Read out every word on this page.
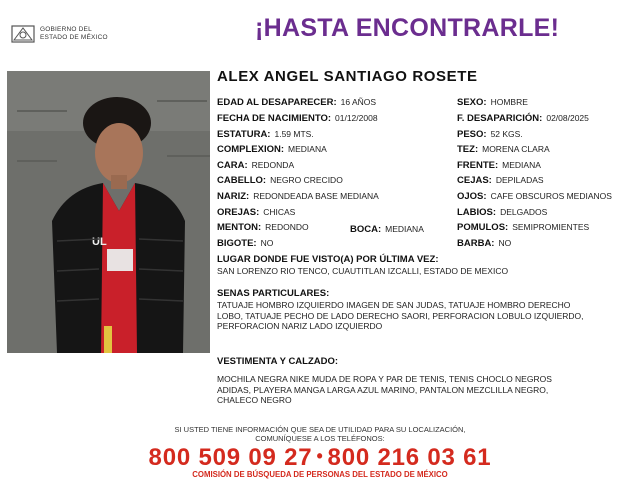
GOBIERNO DEL
ESTADO DE MÉXICO	¡HASTA ENCONTRARLE!
UL
ALEX ANGEL SANTIAGO ROSETE
EDAD AL DESAPARECER: 16 AÑOS
FECHA DE NACIMIENTO: 01/12/2008
ESTATURA: 1.59 MTS.
COMPLEXION: MEDIANA
CARA: REDONDA
CABELLO: NEGRO CRECIDO
NARIZ: REDONDEADA BASE MEDIANA
OREJAS: CHICAS
MENTON: REDONDO	BOCA: MEDIANA
BIGOTE: NO
SEXO: HOMBRE
F. DESAPARICIÓN: 02/08/2025
PESO: 52 KGS.
TEZ: MORENA CLARA
FRENTE: MEDIANA
CEJAS: DEPILADAS
OJOS: CAFE OBSCUROS MEDIANOS
LABIOS: DELGADOS
POMULOS: SEMIPROMIENTES
BARBA: NO
LUGAR DONDE FUE VISTO(A) POR ÚLTIMA VEZ:
SAN LORENZO RIO TENCO, CUAUTITLAN IZCALLI, ESTADO DE MEXICO
SENAS PARTICULARES:
TATUAJE HOMBRO IZQUIERDO IMAGEN DE SAN JUDAS, TATUAJE HOMBRO DERECHO
LOBO, TATUAJE PECHO DE LADO DERECHO SAORI, PERFORACION LOBULO IZQUIERDO,
PERFORACION NARIZ LADO IZQUIERDO
VESTIMENTA Y CALZADO:
MOCHILA NEGRA NIKE MUDA DE ROPA Y PAR DE TENIS, TENIS CHOCLO NEGROS
ADIDAS, PLAYERA MANGA LARGA AZUL MARINO, PANTALON MEZCLILLA NEGRO,
CHALECO NEGRO
SI USTED TIENE INFORMACIÓN QUE SEA DE UTILIDAD PARA SU LOCALIZACIÓN,
COMUNÍQUESE A LOS TELÉFONOS:
800 509 09 27 • 800 216 03 61
COMISIÓN DE BÚSQUEDA DE PERSONAS DEL ESTADO DE MÉXICO
